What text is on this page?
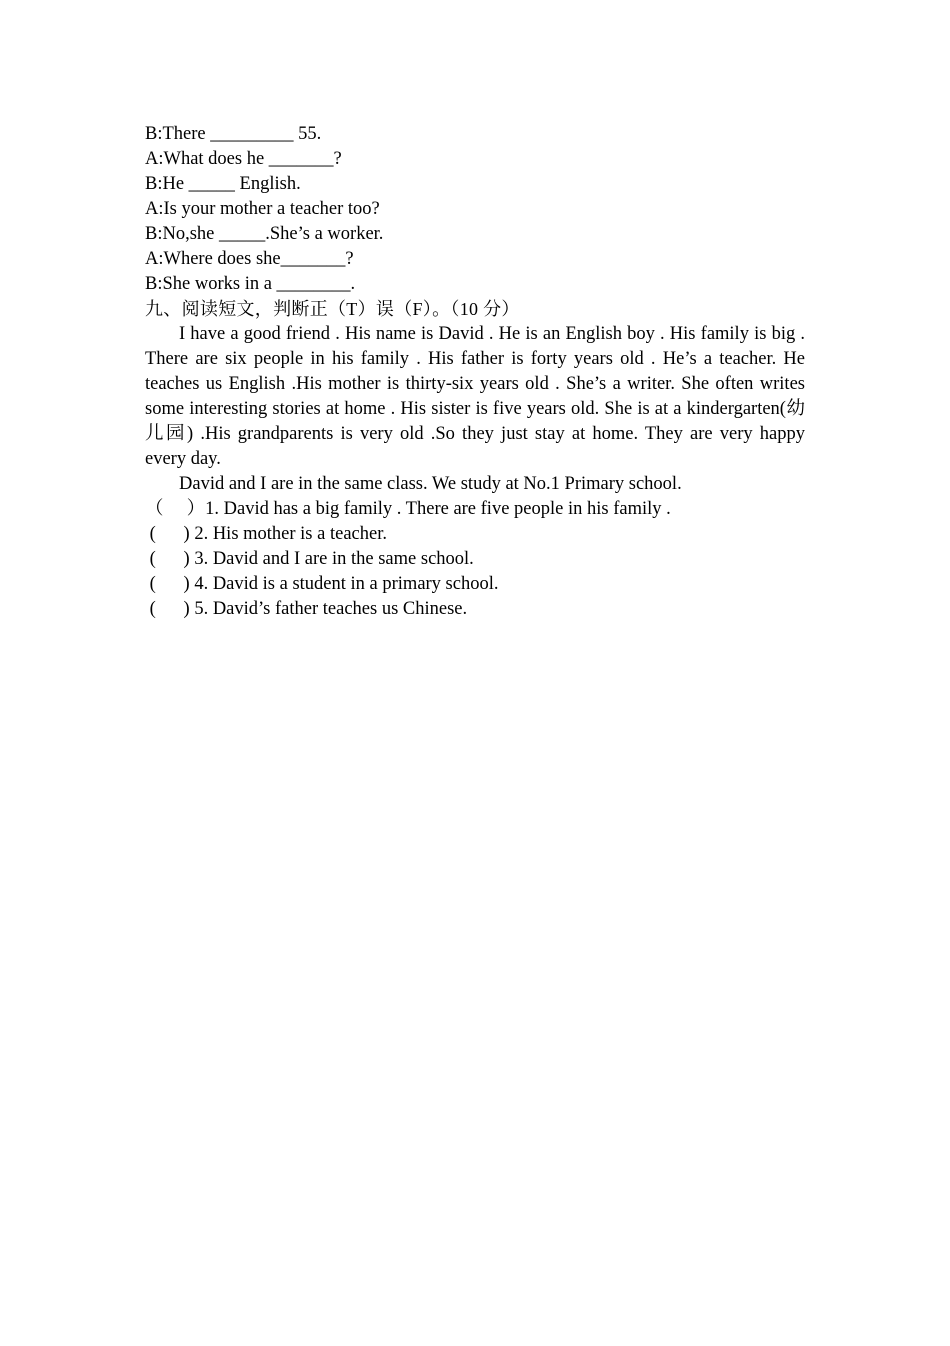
B:There _________ 55.
A:What does he _______?
B:He _____ English.
A:Is your mother a teacher too?
B:No,she _____.She’s a worker.
A:Where does she_______?
B:She works in a ________.
九、阅读短文，判断正（T）误（F）。（10 分）

I have a good friend . His name is David . He is an English boy . His family is big . There are six people in his family . His father is forty years old . He’s a teacher. He teaches us English .His mother is thirty-six years old . She’s a writer. She often writes some interesting stories at home . His sister is five years old. She is at a kindergarten(幼儿园) .His grandparents is very old .So they just stay at home. They are very happy every day.

David and I are in the same class. We study at No.1 Primary school.

（     ）1. David has a big family . There are five people in his family .
(      ) 2. His mother is a teacher.
(      ) 3. David and I are in the same school.
(      ) 4. David is a student in a primary school.
(      ) 5. David’s father teaches us Chinese.
